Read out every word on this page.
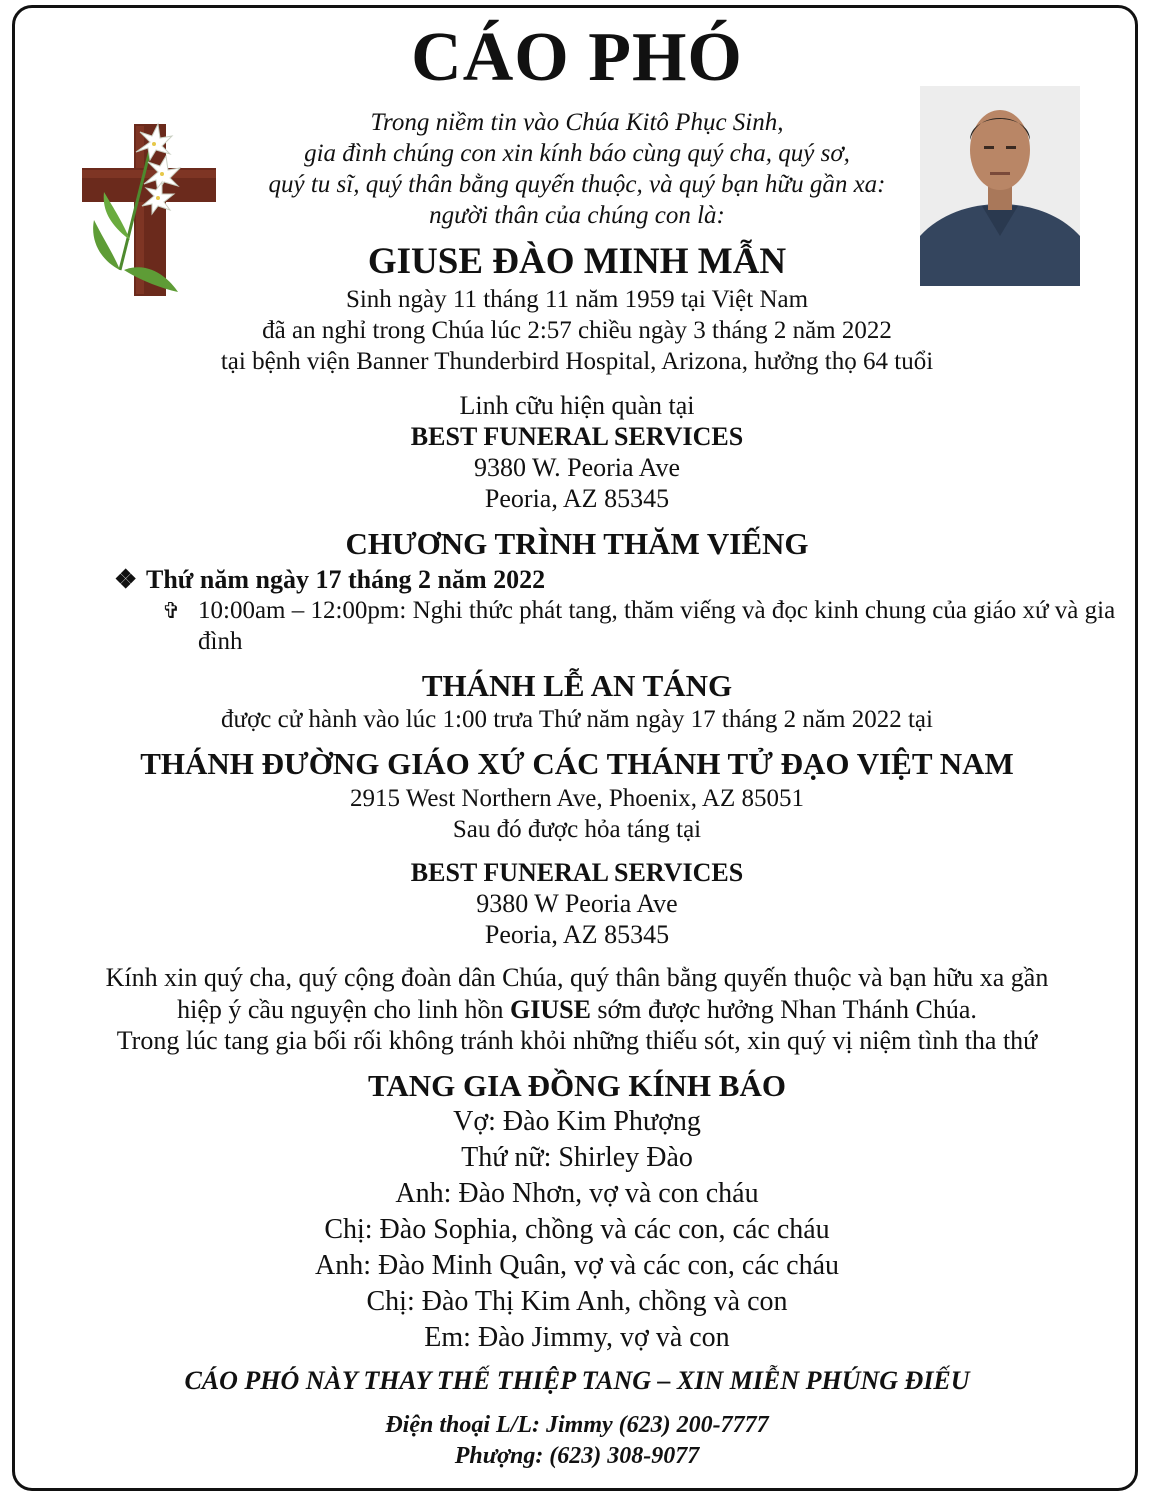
CÁO PHÓ
Trong niềm tin vào Chúa Kitô Phục Sinh,
gia đình chúng con xin kính báo cùng quý cha, quý sơ,
quý tu sĩ, quý thân bằng quyến thuộc, và quý bạn hữu gần xa:
người thân của chúng con là:
GIUSE ĐÀO MINH MẪN
Sinh ngày 11 tháng 11 năm 1959 tại Việt Nam
đã an nghỉ trong Chúa lúc 2:57 chiều ngày 3 tháng 2 năm 2022
tại bệnh viện Banner Thunderbird Hospital, Arizona, hưởng thọ 64 tuổi
Linh cữu hiện quàn tại
BEST FUNERAL SERVICES
9380 W. Peoria Ave
Peoria, AZ 85345
CHƯƠNG TRÌNH THĂM VIẾNG
❖ Thứ năm ngày 17 tháng 2 năm 2022
✞ 10:00am – 12:00pm: Nghi thức phát tang, thăm viếng và đọc kinh chung của giáo xứ và gia đình
THÁNH LỄ AN TÁNG
được cử hành vào lúc 1:00 trưa Thứ năm ngày 17 tháng 2 năm 2022 tại
THÁNH ĐƯỜNG GIÁO XỨ CÁC THÁNH TỬ ĐẠO VIỆT NAM
2915 West Northern Ave, Phoenix, AZ 85051
Sau đó được hỏa táng tại
BEST FUNERAL SERVICES
9380 W Peoria Ave
Peoria, AZ 85345
Kính xin quý cha, quý cộng đoàn dân Chúa, quý thân bằng quyến thuộc và bạn hữu xa gần
hiệp ý cầu nguyện cho linh hồn GIUSE sớm được hưởng Nhan Thánh Chúa.
Trong lúc tang gia bối rối không tránh khỏi những thiếu sót, xin quý vị niệm tình tha thứ
TANG GIA ĐỒNG KÍNH BÁO
Vợ: Đào Kim Phượng
Thứ nữ: Shirley Đào
Anh: Đào Nhơn, vợ và con cháu
Chị: Đào Sophia, chồng và các con, các cháu
Anh: Đào Minh Quân, vợ và các con, các cháu
Chị: Đào Thị Kim Anh, chồng và con
Em: Đào Jimmy, vợ và con
CÁO PHÓ NÀY THAY THẾ THIỆP TANG – XIN MIỄN PHÚNG ĐIẾU
Điện thoại L/L: Jimmy (623) 200-7777
Phượng: (623) 308-9077
